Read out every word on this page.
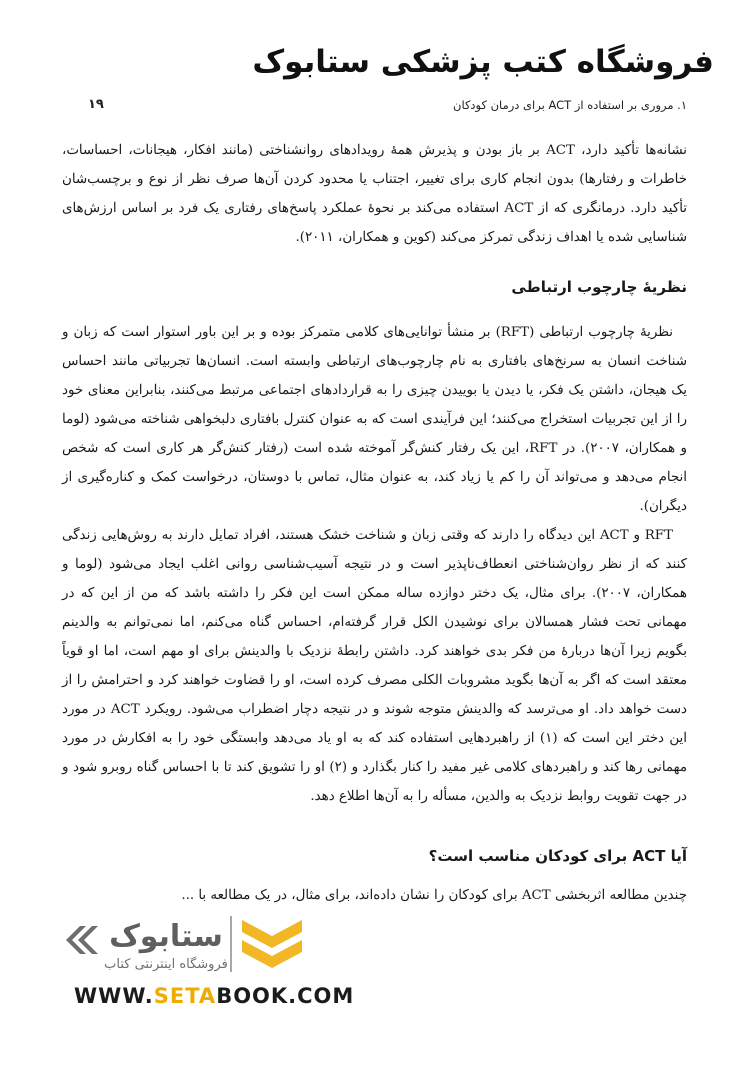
فروشگاه کتب پزشکی ستابوک
۱. مروری بر استفاده از ACT برای درمان کودکان
۱۹

نشانه‌ها تأکید دارد، ACT بر باز بودن و پذیرش همهٔ رویدادهای روانشناختی (مانند افکار، هیجانات، احساسات، خاطرات و رفتارها) بدون انجام کاری برای تغییر، اجتناب یا محدود کردن آن‌ها صرف نظر از نوع و برچسب‌شان تأکید دارد. درمانگری که از ACT استفاده می‌کند بر نحوهٔ عملکرد پاسخ‌های رفتاری یک فرد بر اساس ارزش‌های شناسایی شده یا اهداف زندگی تمرکز می‌کند (کوین و همکاران، ۲۰۱۱).

نظریهٔ چارچوب ارتباطی

نظریهٔ چارچوب ارتباطی (RFT) بر منشأ توانایی‌های کلامی متمرکز بوده و بر این باور استوار است که زبان و شناخت انسان به سرنخ‌های بافتاری به نام چارچوب‌های ارتباطی وابسته است. انسان‌ها تجربیاتی مانند احساس یک هیجان، داشتن یک فکر، یا دیدن یا بوییدن چیزی را به قراردادهای اجتماعی مرتبط می‌کنند، بنابراین معنای خود را از این تجربیات استخراج می‌کنند؛ این فرآیندی است که به عنوان کنترل بافتاری دلبخواهی شناخته می‌شود (لوما و همکاران، ۲۰۰۷). در RFT، این یک رفتار کنش‌گر آموخته شده است (رفتار کنش‌گر هر کاری است که شخص انجام می‌دهد و می‌تواند آن را کم یا زیاد کند، به عنوان مثال، تماس با دوستان، درخواست کمک و کناره‌گیری از دیگران).

RFT و ACT این دیدگاه را دارند که وقتی زبان و شناخت خشک هستند، افراد تمایل دارند به روش‌هایی زندگی کنند که از نظر روان‌شناختی انعطاف‌ناپذیر است و در نتیجه آسیب‌شناسی روانی اغلب ایجاد می‌شود (لوما و همکاران، ۲۰۰۷). برای مثال، یک دختر دوازده ساله ممکن است این فکر را داشته باشد که من از این که در مهمانی تحت فشار همسالان برای نوشیدن الکل قرار گرفته‌ام، احساس گناه می‌کنم، اما نمی‌توانم به والدینم بگویم زیرا آن‌ها دربارهٔ من فکر بدی خواهند کرد. داشتن رابطهٔ نزدیک با والدینش برای او مهم است، اما او قویاً معتقد است که اگر به آن‌ها بگوید مشروبات الکلی مصرف کرده است، او را قضاوت خواهند کرد و احترامش را از دست خواهد داد. او می‌ترسد که والدینش متوجه شوند و در نتیجه دچار اضطراب می‌شود. رویکرد ACT در مورد این دختر این است که (۱) از راهبردهایی استفاده کند که به او یاد می‌دهد وابستگی خود را به افکارش در مورد مهمانی رها کند و راهبردهای کلامی غیر مفید را کنار بگذارد و (۲) او را تشویق کند تا با احساس گناه روبرو شود و در جهت تقویت روابط نزدیک به والدین، مسأله را به آن‌ها اطلاع دهد.

آیا ACT برای کودکان مناسب است؟

چندین مطالعه اثربخشی ACT برای کودکان را نشان داده‌اند، برای مثال، در یک مطالعه با ...

ستابوک
فروشگاه اینترنتی کتاب
WWW.SETABOOK.COM
